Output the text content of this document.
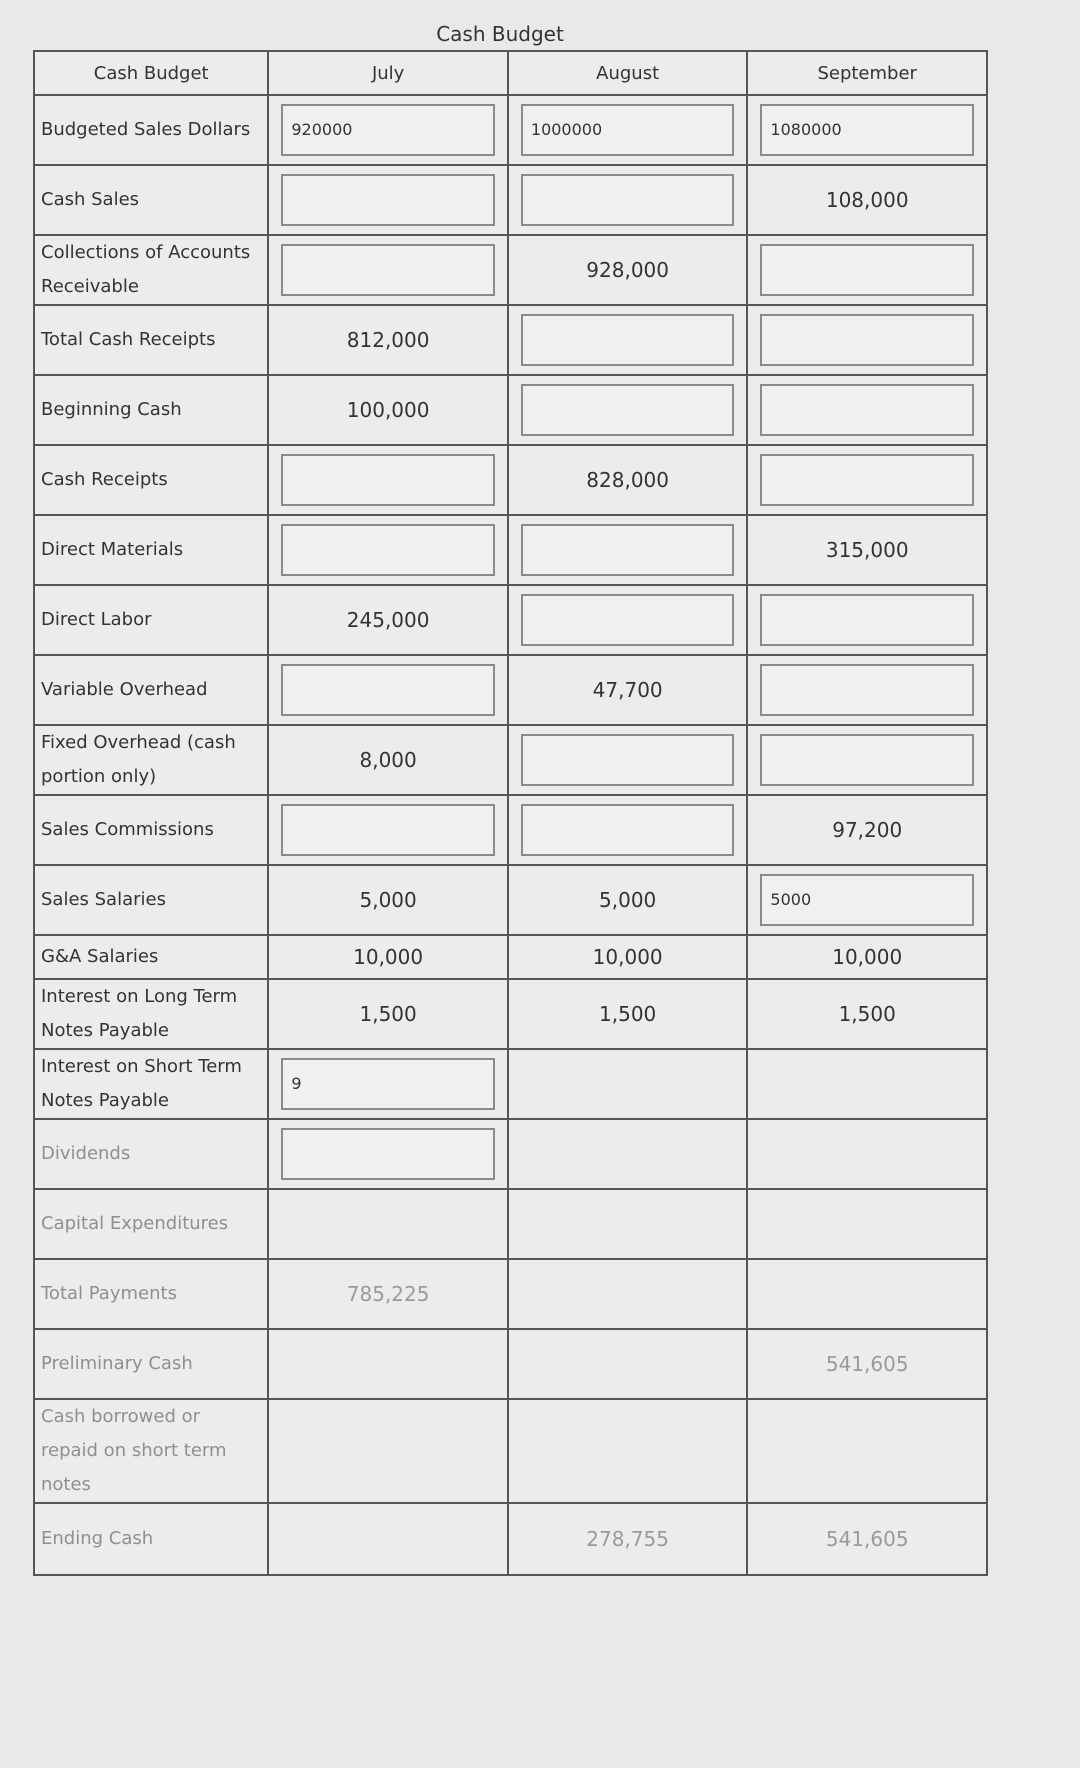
Cash Budget
Cash Budget	July	August	September
Budgeted Sales Dollars	920000	1000000	1080000

Cash Sales			108,000

Collections of Accounts Receivable		928,000	

Total Cash Receipts	812,000		

Beginning Cash	100,000		

Cash Receipts		828,000	

Direct Materials			315,000

Direct Labor	245,000		

Variable Overhead		47,700	

Fixed Overhead (cash portion only)	8,000		

Sales Commissions			97,200

Sales Salaries	5,000	5,000	5000

G&A Salaries	10,000	10,000	10,000

Interest on Long Term Notes Payable	1,500	1,500	1,500

Interest on Short Term Notes Payable	9		

Dividends	

Capital Expenditures	

Total Payments	785,225		

Preliminary Cash			541,605

Cash borrowed or repaid on short term notes	

Ending Cash		278,755	541,605
